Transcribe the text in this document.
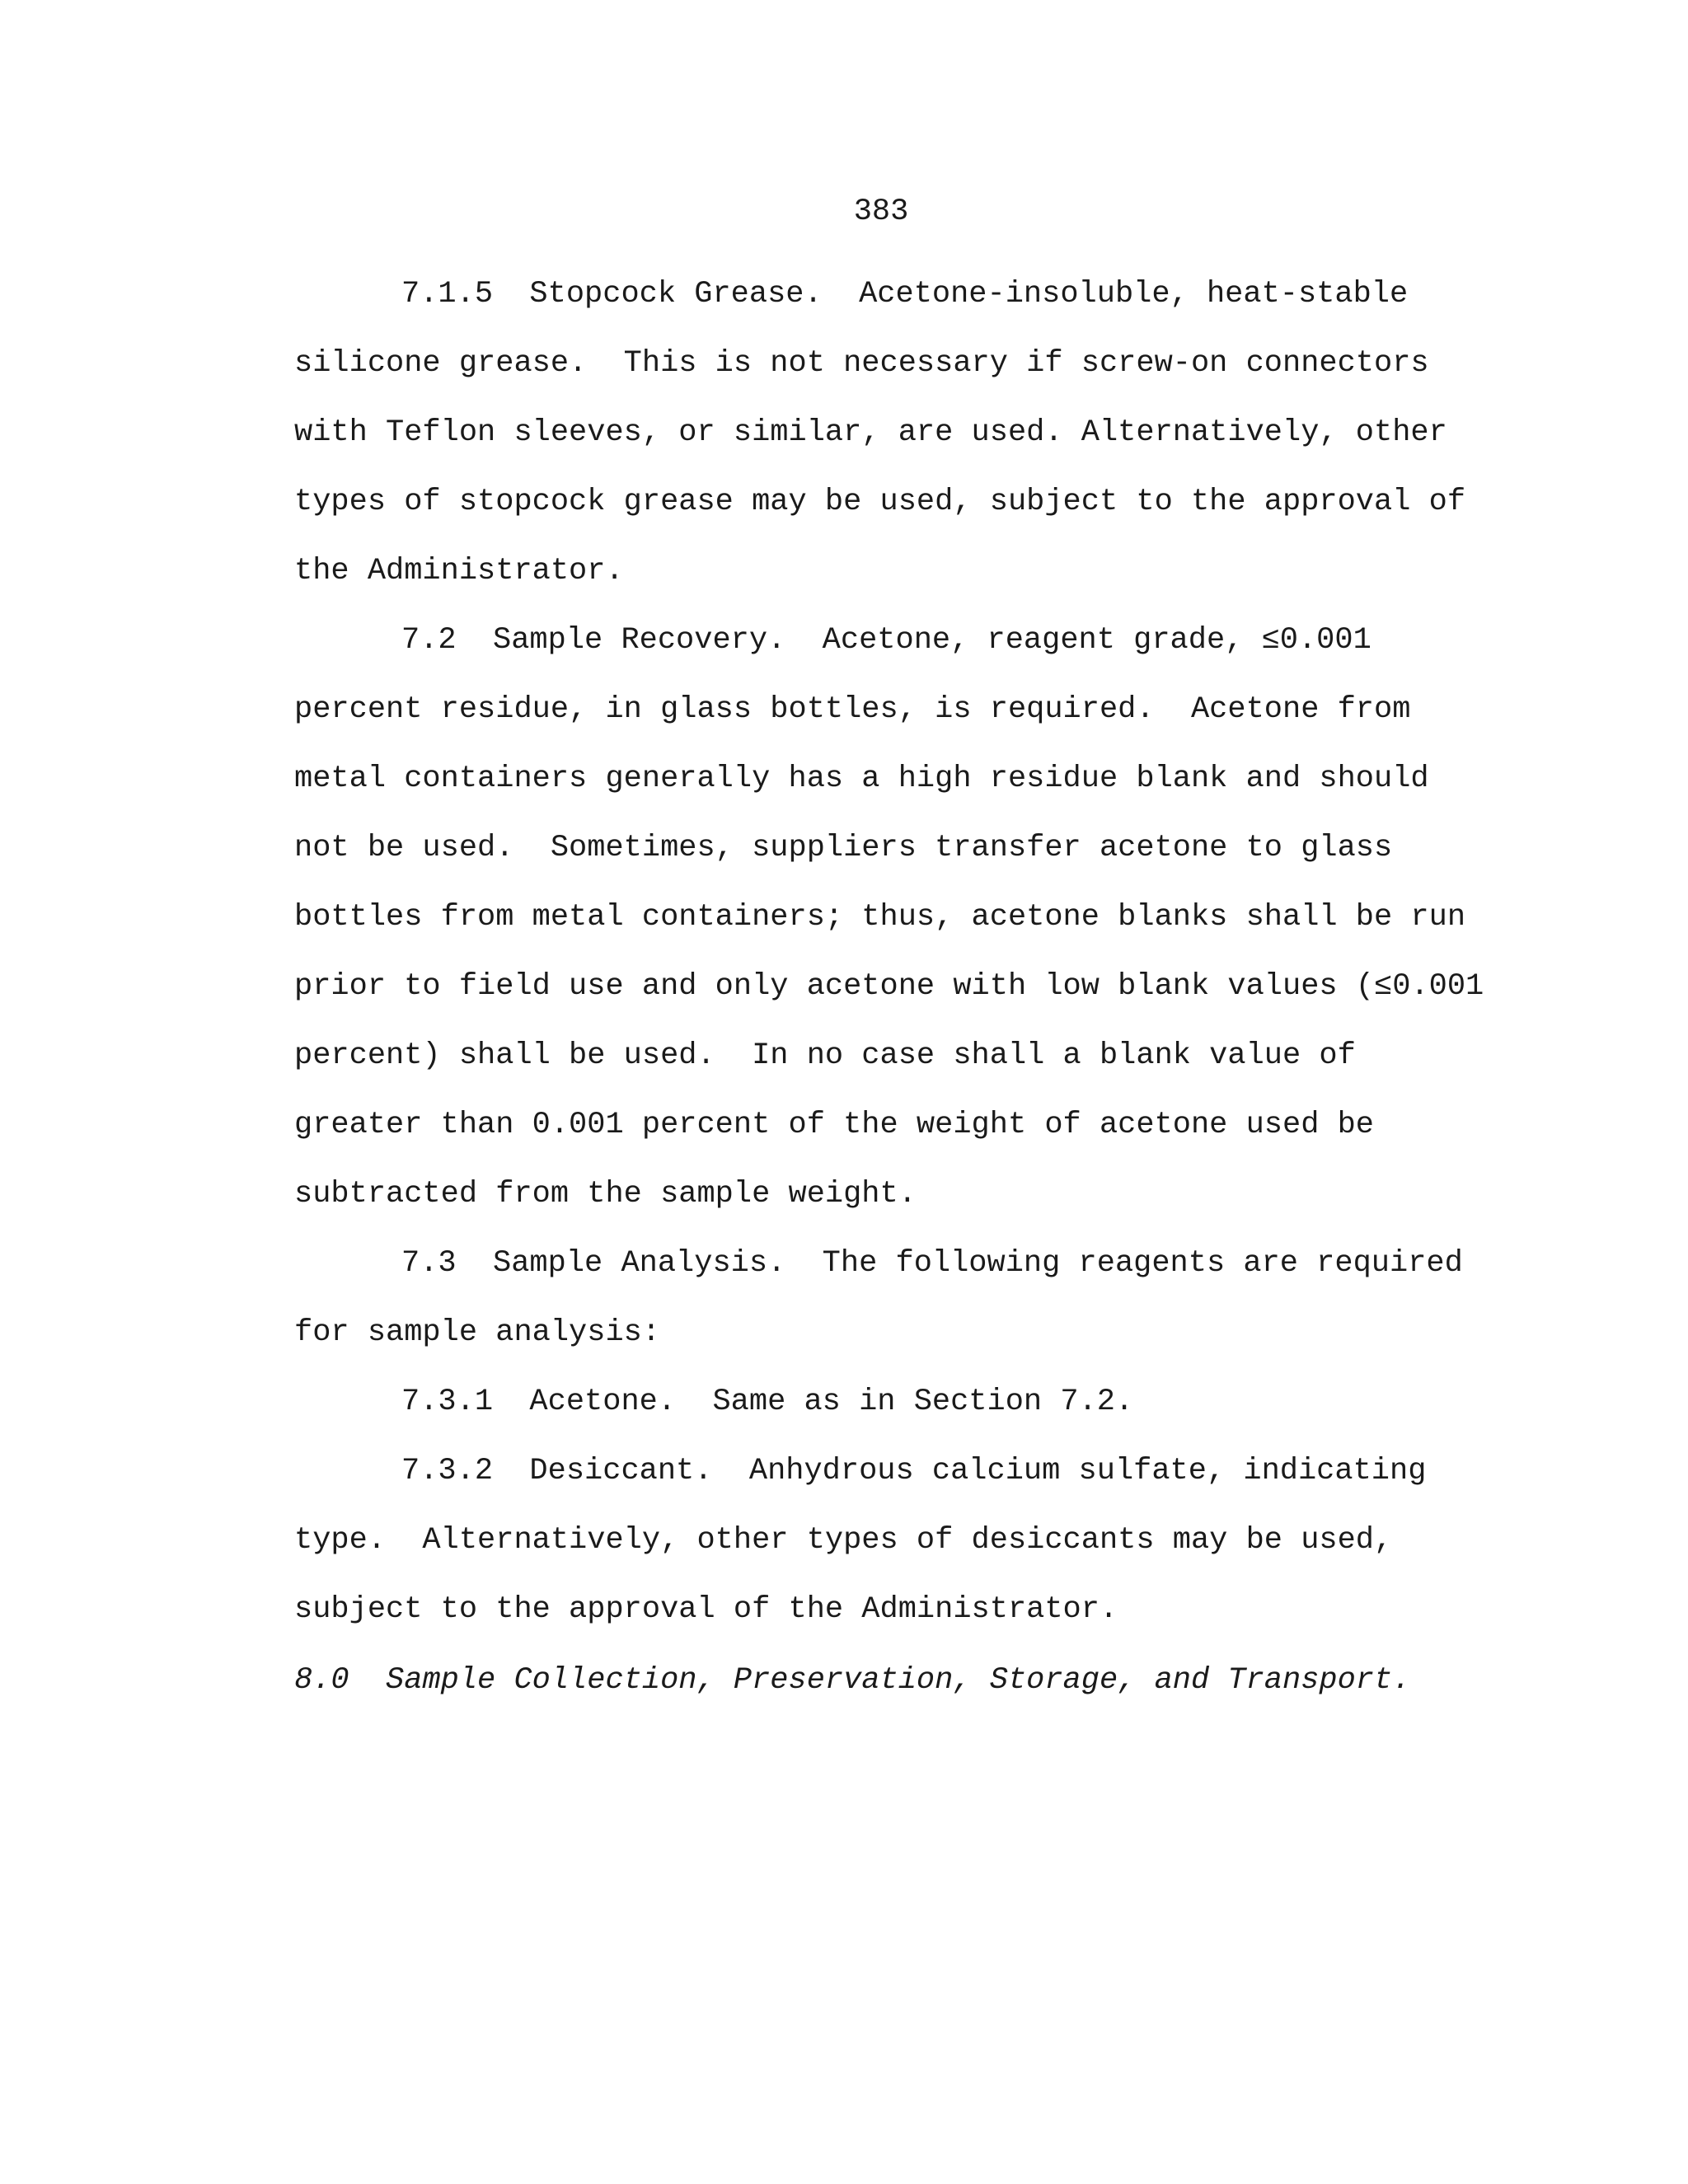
383

7.1.5  Stopcock Grease.  Acetone-insoluble, heat-stable silicone grease.  This is not necessary if screw-on connectors with Teflon sleeves, or similar, are used. Alternatively, other types of stopcock grease may be used, subject to the approval of the Administrator.

7.2  Sample Recovery.  Acetone, reagent grade, ≤0.001 percent residue, in glass bottles, is required.  Acetone from metal containers generally has a high residue blank and should not be used.  Sometimes, suppliers transfer acetone to glass bottles from metal containers; thus, acetone blanks shall be run prior to field use and only acetone with low blank values (≤0.001 percent) shall be used.  In no case shall a blank value of greater than 0.001 percent of the weight of acetone used be subtracted from the sample weight.

7.3  Sample Analysis.  The following reagents are required for sample analysis:

7.3.1  Acetone.  Same as in Section 7.2.

7.3.2  Desiccant.  Anhydrous calcium sulfate, indicating type.  Alternatively, other types of desiccants may be used, subject to the approval of the Administrator.

8.0  Sample Collection, Preservation, Storage, and Transport.
